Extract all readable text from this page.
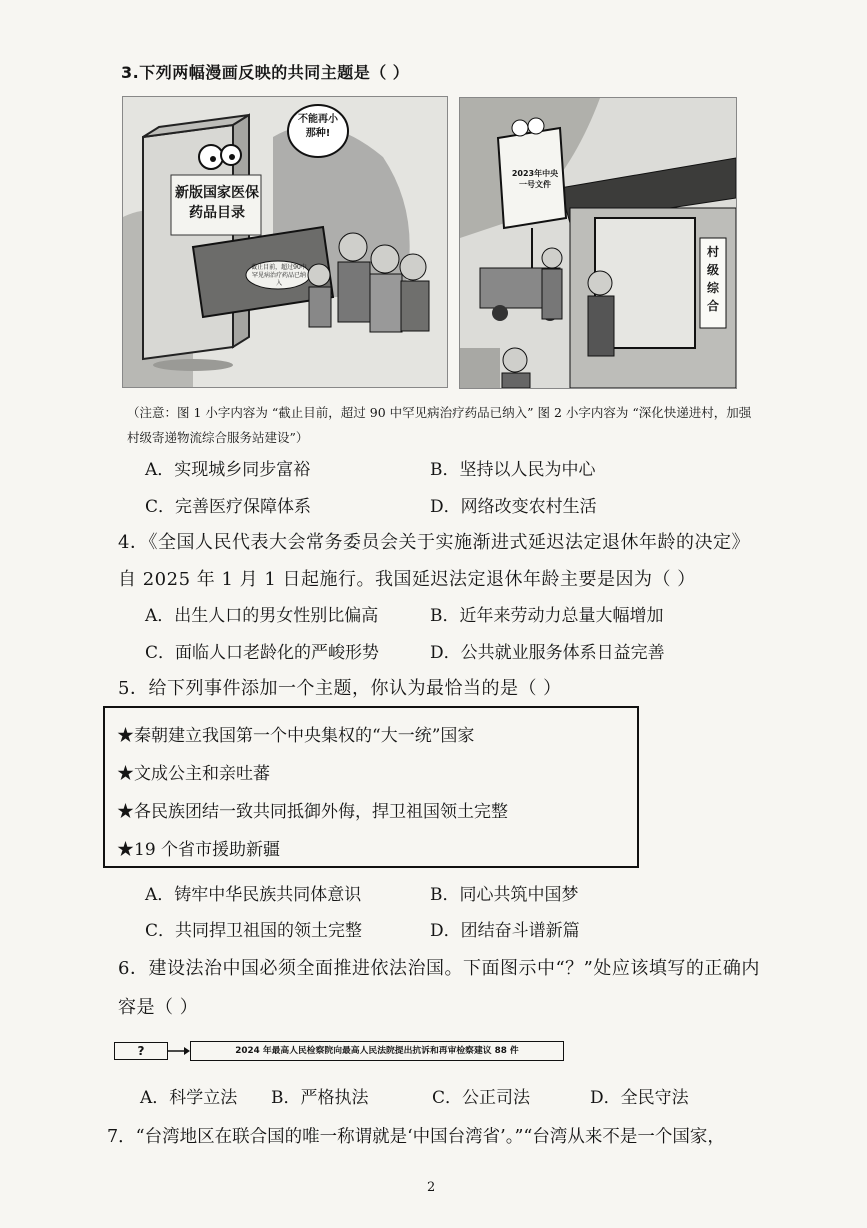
3.下列两幅漫画反映的共同主题是（ ）
新版国家医保药品目录
不能再小那种!
截止目前，超过90中罕见病治疗药品已纳入
2023年中央一号文件
村级综合
（注意：图 1 小字内容为 “截止目前，超过 90 中罕见病治疗药品已纳入” 图 2 小字内容为 “深化快递进村，加强村级寄递物流综合服务站建设”）
A．实现城乡同步富裕	B．坚持以人民为中心
C．完善医疗保障体系	D．网络改变农村生活
4．《全国人民代表大会常务委员会关于实施渐进式延迟法定退休年龄的决定》
自 2025 年 1 月 1 日起施行。我国延迟法定退休年龄主要是因为（ ）
A．出生人口的男女性别比偏高	B．近年来劳动力总量大幅增加
C．面临人口老龄化的严峻形势	D．公共就业服务体系日益完善
5．给下列事件添加一个主题，你认为最恰当的是（ ）
★秦朝建立我国第一个中央集权的“大一统”国家
★文成公主和亲吐蕃
★各民族团结一致共同抵御外侮，捍卫祖国领土完整
★19 个省市援助新疆
A．铸牢中华民族共同体意识	B．同心共筑中国梦
C．共同捍卫祖国的领土完整	D．团结奋斗谱新篇
6．建设法治中国必须全面推进依法治国。下面图示中“？”处应该填写的正确内
容是（ ）
?	2024 年最高人民检察院向最高人民法院提出抗诉和再审检察建议 88 件
A．科学立法 B．严格执法	C．公正司法	D．全民守法
7．“台湾地区在联合国的唯一称谓就是‘中国台湾省’。”“台湾从来不是一个国家，
2
